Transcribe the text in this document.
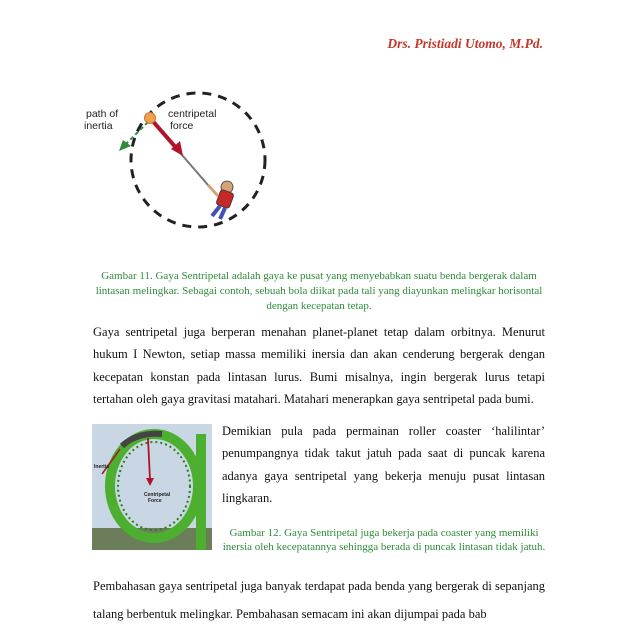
Drs. Pristiadi Utomo, M.Pd.
path of
inertia
centripetal
force
Gambar 11. Gaya Sentripetal adalah gaya ke pusat yang menyebabkan suatu benda bergerak dalam lintasan melingkar. Sebagai contoh, sebuah bola diikat pada tali yang diayunkan melingkar horisontal dengan kecepatan tetap.

Gaya sentripetal juga berperan menahan planet-planet tetap dalam orbitnya. Menurut hukum I Newton, setiap massa memiliki inersia dan akan cenderung bergerak dengan kecepatan konstan pada lintasan lurus. Bumi misalnya, ingin bergerak lurus tetapi tertahan oleh gaya gravitasi matahari. Matahari menerapkan gaya sentripetal pada bumi.

Inertia
Centripetal
Force

Demikian pula pada permainan roller coaster ‘halilintar’ penumpangnya tidak takut jatuh pada saat di puncak karena adanya gaya sentripetal yang bekerja menuju pusat lintasan lingkaran.

Gambar 12. Gaya Sentripetal juga bekerja pada coaster yang memiliki inersia oleh kecepatannya sehingga berada di puncak lintasan tidak jatuh.

Pembahasan gaya sentripetal juga banyak terdapat pada benda yang bergerak di sepanjang talang berbentuk melingkar. Pembahasan semacam ini akan dijumpai pada bab
